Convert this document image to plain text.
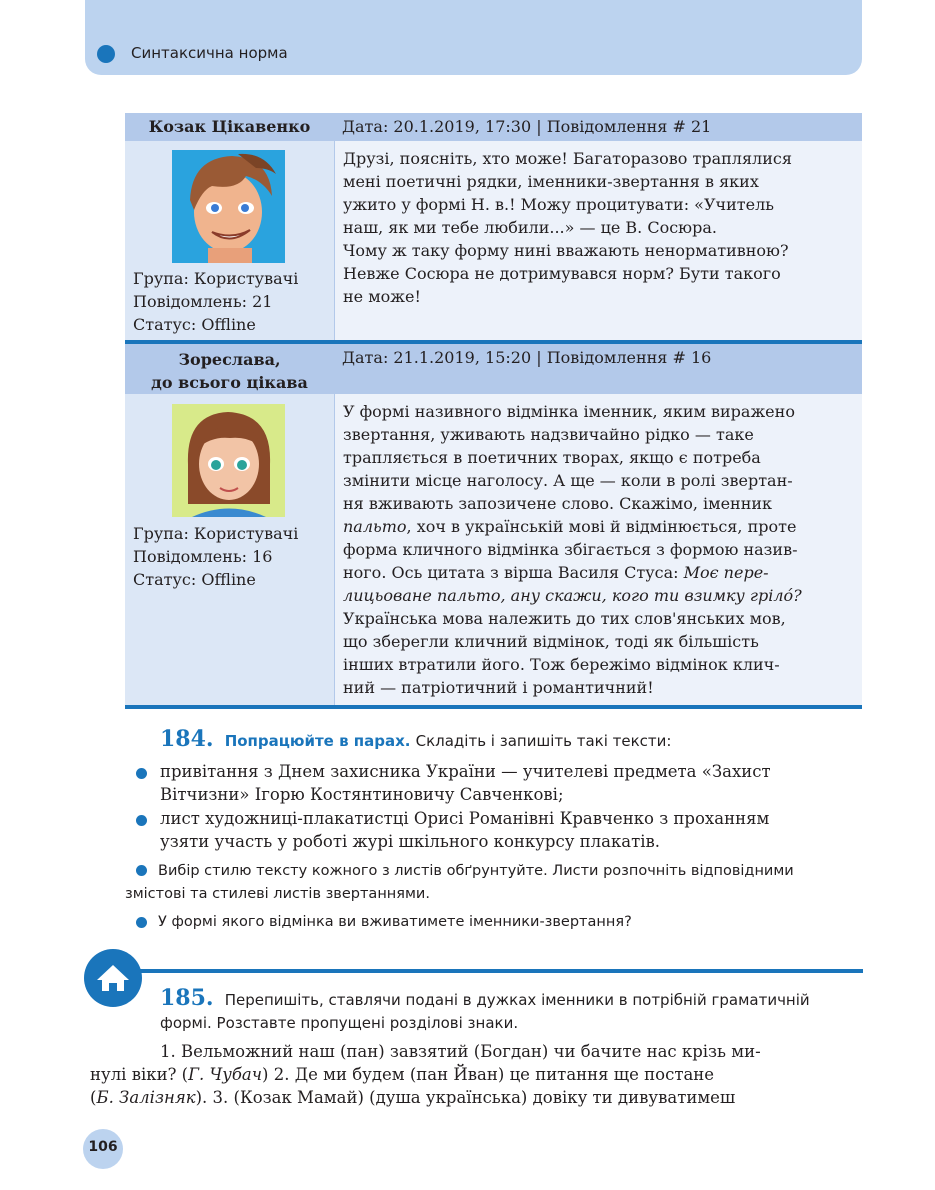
Синтаксична норма
Козак Цікавенко	Дата: 20.1.2019, 17:30 | Повідомлення # 21
Група: Користувачі
Повідомлень: 21
Статус: Offline
Друзі, поясніть, хто може! Багаторазово траплялися
мені поетичні рядки, іменники-звертання в яких
ужито у формі Н. в.! Можу процитувати: «Учитель
наш, як ми тебе любили...» — це В. Сосюра.
Чому ж таку форму нині вважають ненормативною?
Невже Сосюра не дотримувався норм? Бути такого
не може!
Зореслава,
до всього цікава
Дата: 21.1.2019, 15:20 | Повідомлення # 16
Група: Користувачі
Повідомлень: 16
Статус: Offline
У формі називного відмінка іменник, яким виражено
звертання, уживають надзвичайно рідко — таке
трапляється в поетичних творах, якщо є потреба
змінити місце наголосу. А ще — коли в ролі звертан-
ня вживають запозичене слово. Скажімо, іменник
пальто, хоч в українській мові й відмінюється, проте
форма кличного відмінка збігається з формою назив-
ного. Ось цитата з вірша Василя Стуса: Моє пере-
лицьоване пальто, ану скажи, кого ти взимку грілó?
Українська мова належить до тих слов'янських мов,
що зберегли кличний відмінок, тоді як більшість
інших втратили його. Тож бережімо відмінок клич-
ний — патріотичний і романтичний!
184. Попрацюйте в парах. Складіть і запишіть такі тексти:
привітання з Днем захисника України — учителеві предмета «Захист
Вітчизни» Ігорю Костянтиновичу Савченкові;
лист художниці-плакатистці Орисі Романівні Кравченко з проханням
узяти участь у роботі журі шкільного конкурсу плакатів.
Вибір стилю тексту кожного з листів обґрунтуйте. Листи розпочніть відповідними
змістові та стилеві листів звертаннями.
У формі якого відмінка ви вживатимете іменники-звертання?
185. Перепишіть, ставлячи подані в дужках іменники в потрібній граматичній
формі. Розставте пропущені розділові знаки.
1. Вельможний наш (пан) завзятий (Богдан) чи бачите нас крізь ми-
нулі віки? (Г. Чубач) 2. Де ми будем (пан Йван) це питання ще постане
(Б. Залізняк). 3. (Козак Мамай) (душа українська) довіку ти дивуватимеш
106
